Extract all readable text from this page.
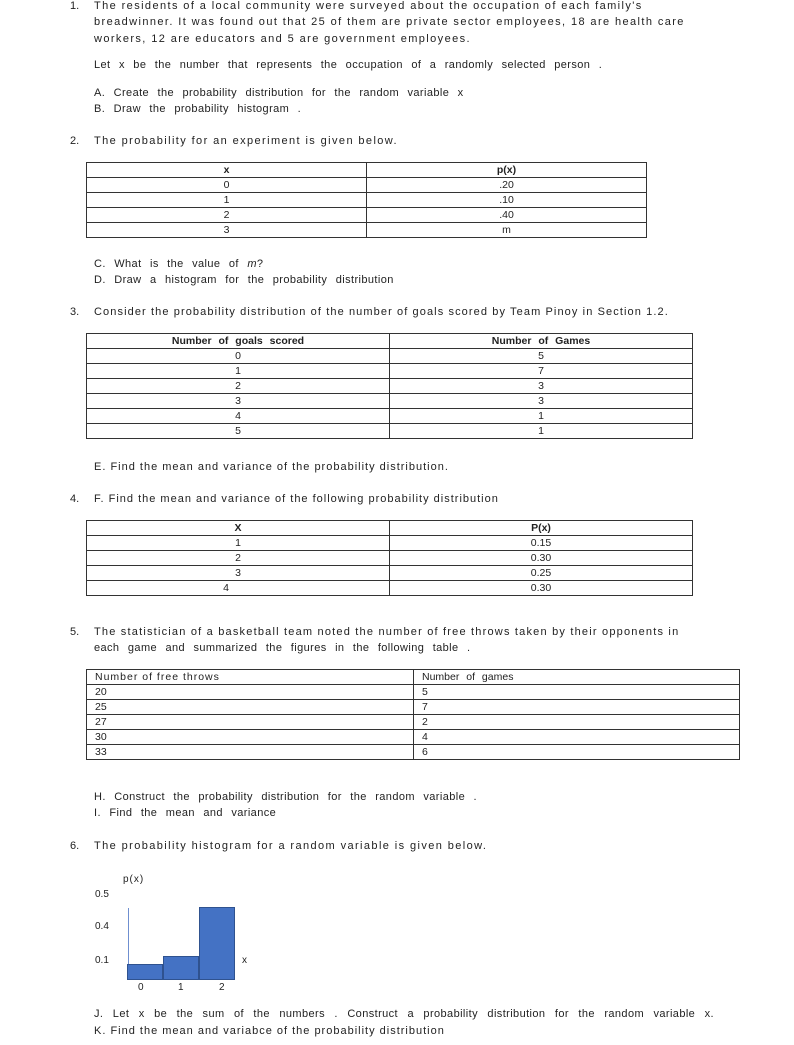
1. The residents of a local community were surveyed about the occupation of each family's
breadwinner. It was found out that 25 of them are private sector employees, 18 are health care
workers, 12 are educators and 5 are government employees.
Let x be the number that represents the occupation of a randomly selected person .
A. Create the probability distribution for the random variable x
B. Draw the probability histogram .
2. The probability for an experiment is given below.
x	p(x)
0	.20
1	.10
2	.40
3	m
C. What is the value of m?
D. Draw a histogram for the probability distribution
3. Consider the probability distribution of the number of goals scored by Team Pinoy in Section 1.2.
Number of goals scored	Number of Games
0	5
1	7
2	3
3	3
4	1
5	1
E. Find the mean and variance of the probability distribution.
4. F. Find the mean and variance of the following probability distribution
X	P(x)
1	0.15
2	0.30
3	0.25
4	0.30
5. The statistician of a basketball team noted the number of free throws taken by their opponents in
each game and summarized the figures in the following table .
Number of free throws	Number of games
20	5
25	7
27	2
30	4
33	6
H. Construct the probability distribution for the random variable .
I. Find the mean and variance
6. The probability histogram for a random variable is given below.
p(x)
0.5
0.4
0.1	x
0	1	2
J. Let x be the sum of the numbers . Construct a probability distribution for the random variable x.
K. Find the mean and variabce of the probability distribution
